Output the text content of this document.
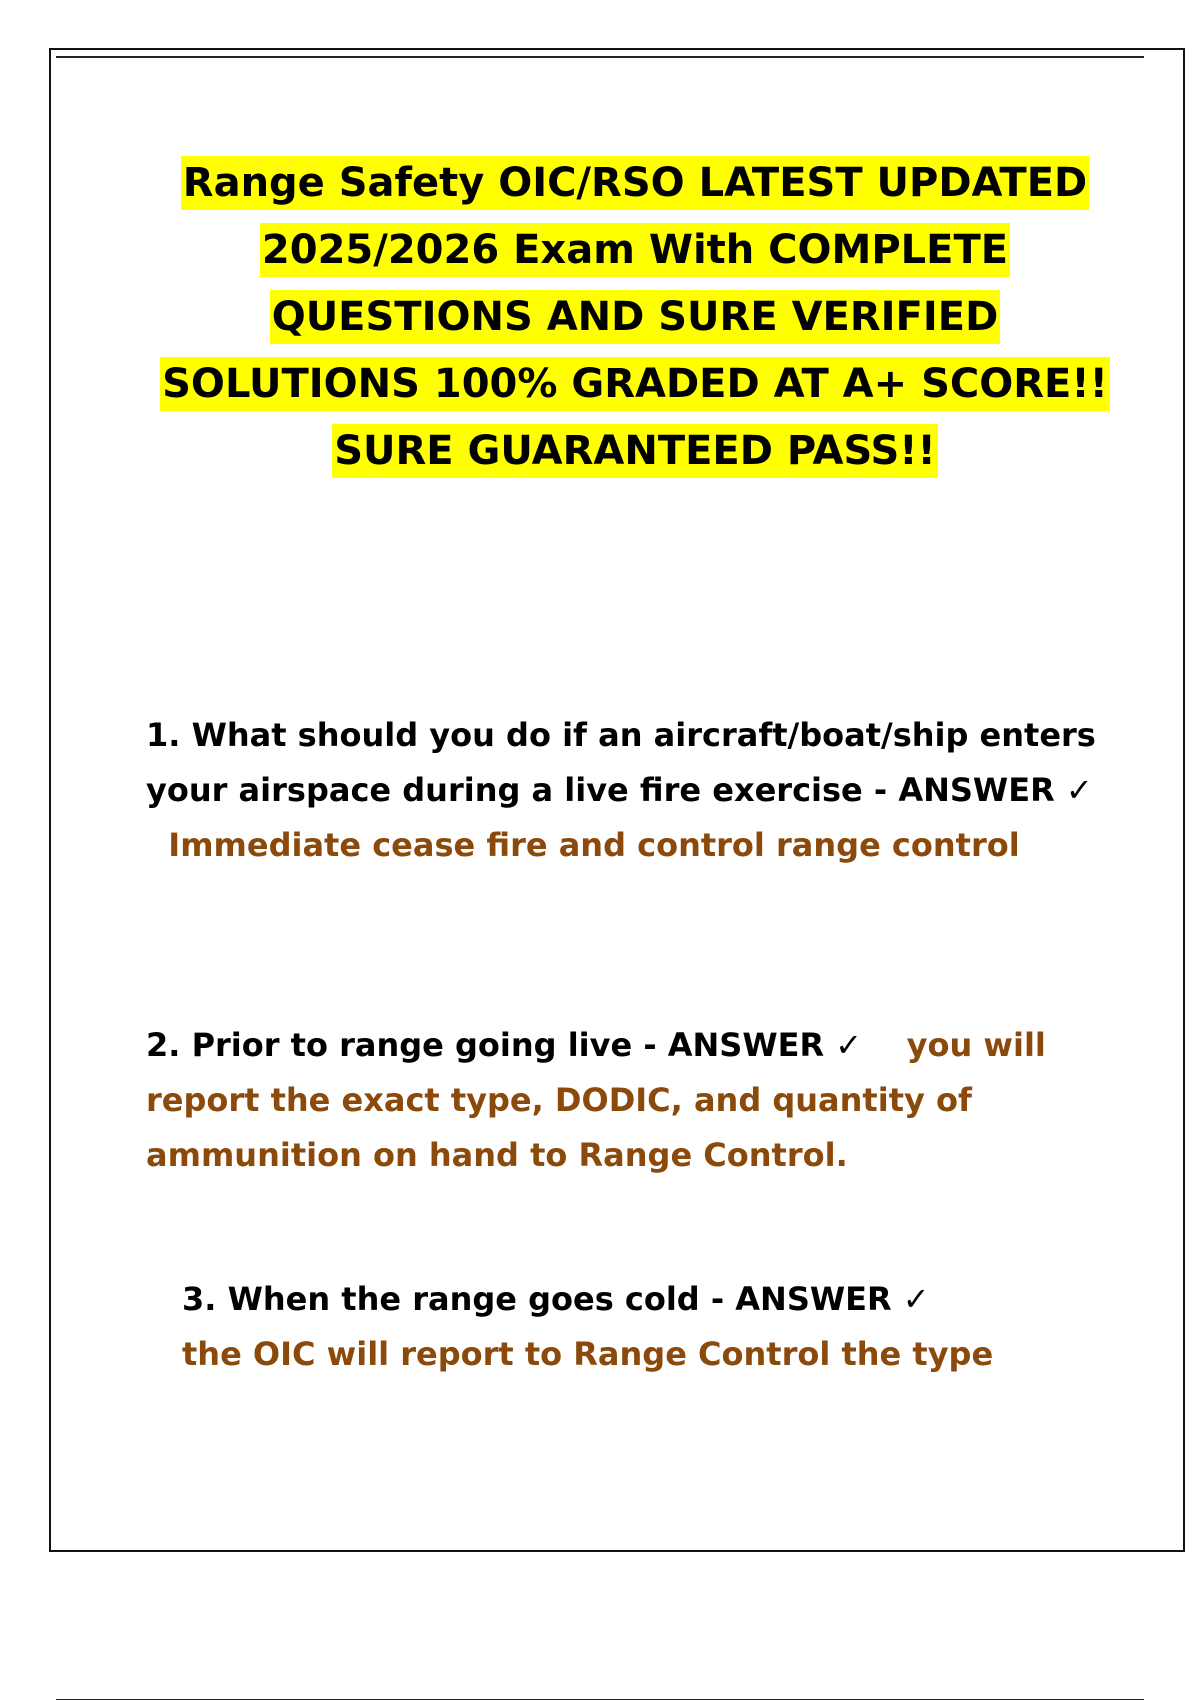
Range Safety OIC/RSO LATEST UPDATED 2025/2026 Exam With COMPLETE QUESTIONS AND SURE VERIFIED SOLUTIONS 100% GRADED AT A+ SCORE!! SURE GUARANTEED PASS!!
1. What should you do if an aircraft/boat/ship enters your airspace during a live fire exercise - ANSWER ✓   Immediate cease fire and control range control
2. Prior to range going live - ANSWER ✓ you will report the exact type, DODIC, and quantity of ammunition on hand to Range Control.
3. When the range goes cold - ANSWER ✓
the OIC will report to Range Control the type
